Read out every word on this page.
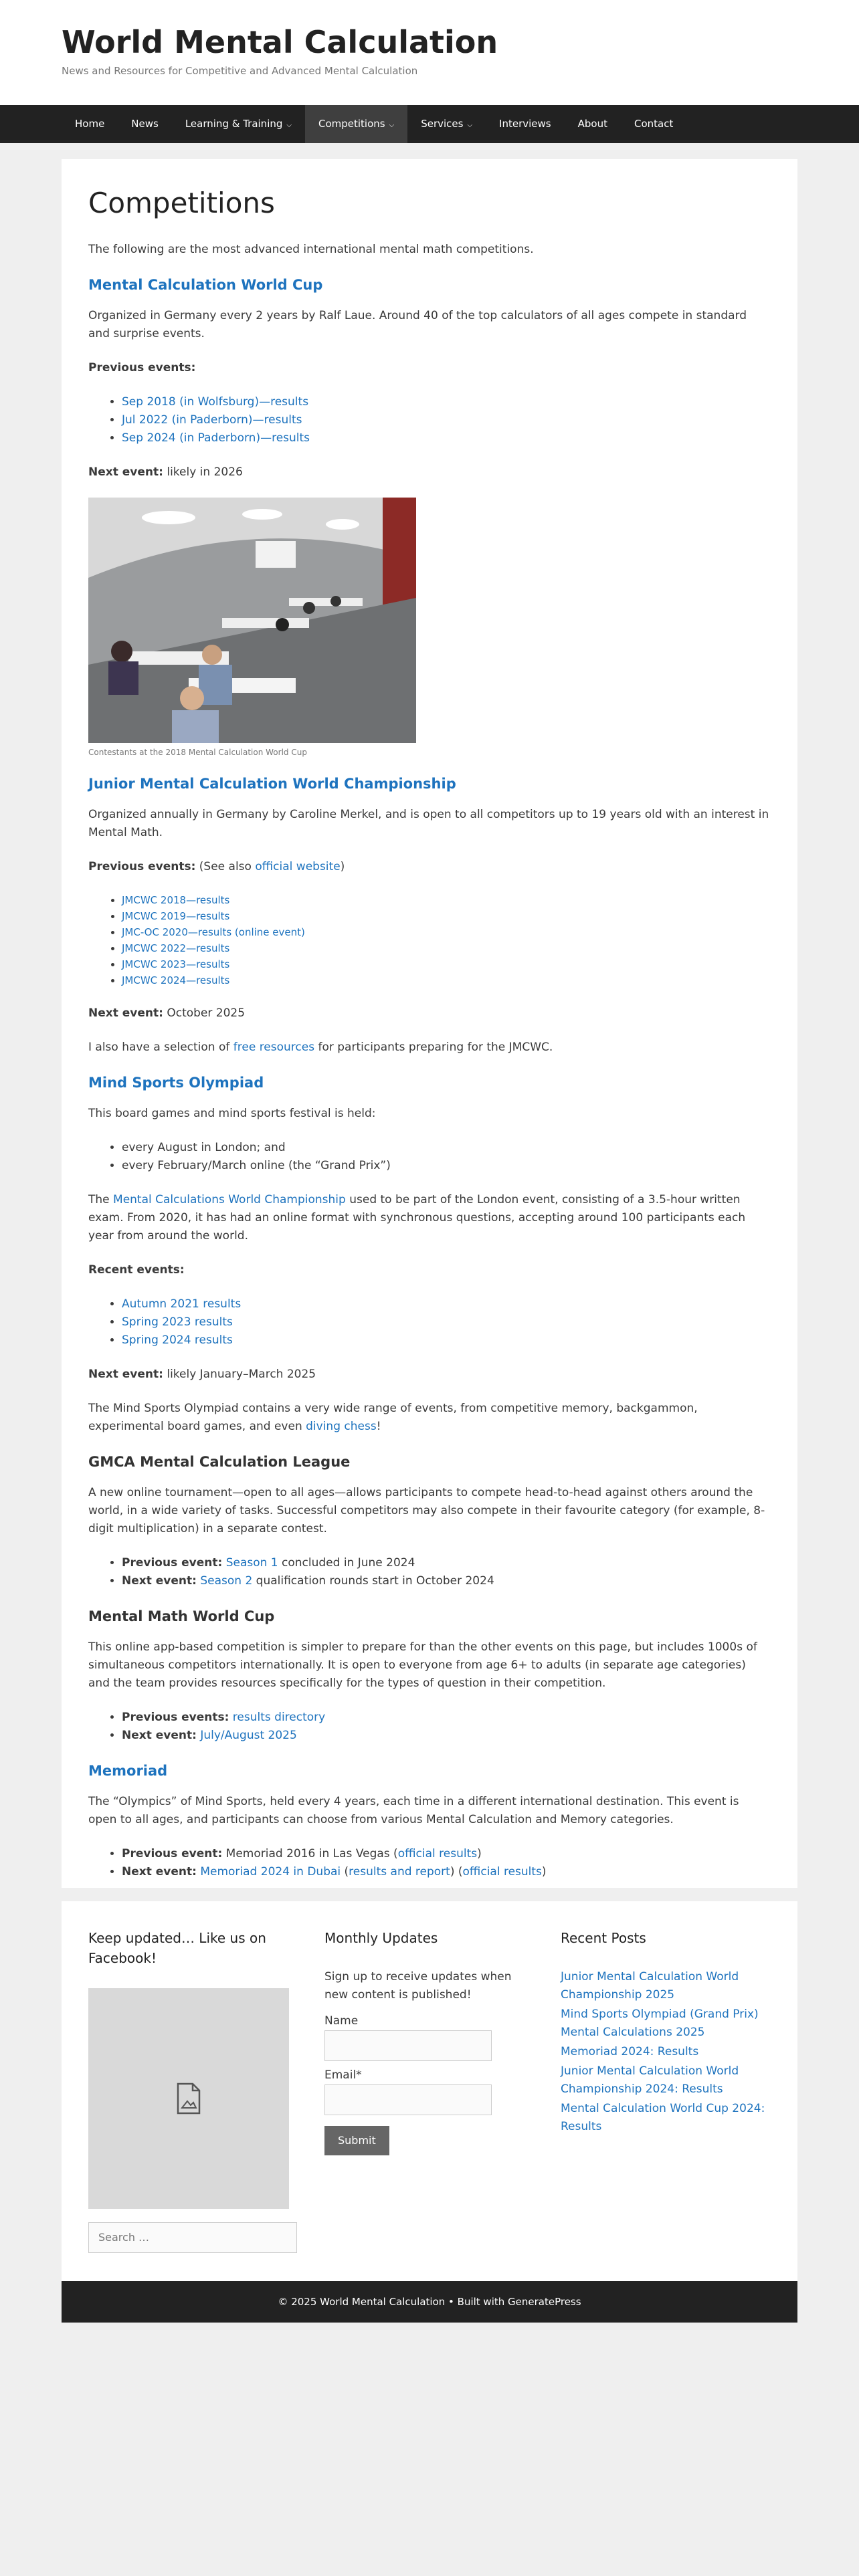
World Mental Calculation
News and Resources for Competitive and Advanced Mental Calculation
Home	News	Learning & Training ⌵	Competitions ⌵	Services ⌵	Interviews	About	Contact
Competitions

The following are the most advanced international mental math competitions.

Mental Calculation World Cup

Organized in Germany every 2 years by Ralf Laue. Around 40 of the top calculators of all ages compete in standard and surprise events.

Previous events:

• Sep 2018 (in Wolfsburg)—results
• Jul 2022 (in Paderborn)—results
• Sep 2024 (in Paderborn)—results

Next event: likely in 2026

Contestants at the 2018 Mental Calculation World Cup
Junior Mental Calculation World Championship

Organized annually in Germany by Caroline Merkel, and is open to all competitors up to 19 years old with an interest in Mental Math.

Previous events: (See also official website)

• JMCWC 2018—results
• JMCWC 2019—results
• JMC-OC 2020—results (online event)
• JMCWC 2022—results
• JMCWC 2023—results
• JMCWC 2024—results

Next event: October 2025

I also have a selection of free resources for participants preparing for the JMCWC.

Mind Sports Olympiad

This board games and mind sports festival is held:

• every August in London; and
• every February/March online (the “Grand Prix”)

The Mental Calculations World Championship used to be part of the London event, consisting of a 3.5-hour written exam. From 2020, it has had an online format with synchronous questions, accepting around 100 participants each year from around the world.

Recent events:

• Autumn 2021 results
• Spring 2023 results
• Spring 2024 results

Next event: likely January–March 2025

The Mind Sports Olympiad contains a very wide range of events, from competitive memory, backgammon, experimental board games, and even diving chess!

GMCA Mental Calculation League

A new online tournament—open to all ages—allows participants to compete head-to-head against others around the world, in a wide variety of tasks. Successful competitors may also compete in their favourite category (for example, 8-digit multiplication) in a separate contest.

• Previous event: Season 1 concluded in June 2024
• Next event: Season 2 qualification rounds start in October 2024
Mental Math World Cup

This online app-based competition is simpler to prepare for than the other events on this page, but includes 1000s of simultaneous competitors internationally. It is open to everyone from age 6+ to adults (in separate age categories) and the team provides resources specifically for the types of question in their competition.

• Previous events: results directory
• Next event: July/August 2025
Memoriad

The “Olympics” of Mind Sports, held every 4 years, each time in a different international destination. This event is open to all ages, and participants can choose from various Mental Calculation and Memory categories.

• Previous event: Memoriad 2016 in Las Vegas (official results)
• Next event: Memoriad 2024 in Dubai (results and report) (official results)
Keep updated… Like us on Facebook!
Search …
Monthly Updates
Sign up to receive updates when new content is published!
Name
Email*
Submit
Recent Posts
Junior Mental Calculation World Championship 2025
Mind Sports Olympiad (Grand Prix) Mental Calculations 2025
Memoriad 2024: Results
Junior Mental Calculation World Championship 2024: Results
Mental Calculation World Cup 2024: Results
© 2025 World Mental Calculation • Built with GeneratePress
